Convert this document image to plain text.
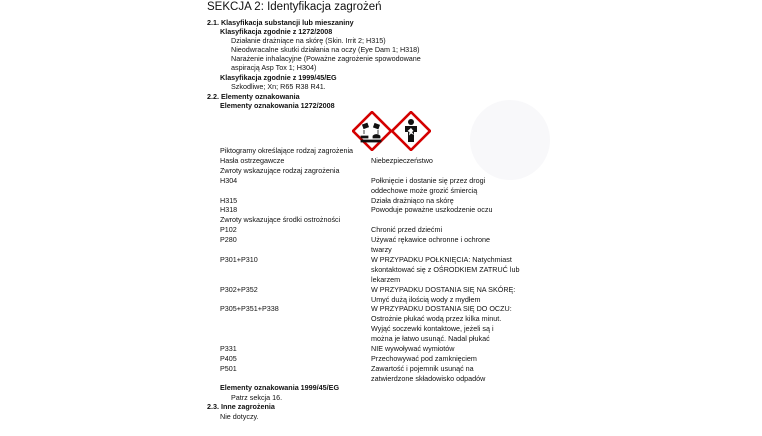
SEKCJA 2: Identyfikacja zagrożeń
2.1. Klasyfikacja substancji lub mieszaniny
Klasyfikacja zgodnie z 1272/2008
Działanie drażniące na skórę (Skin. Irrit 2; H315)
Nieodwracalne skutki działania na oczy (Eye Dam 1; H318)
Narażenie inhalacyjne (Poważne zagrożenie spowodowane
aspiracją Asp Tox 1; H304)
Klasyfikacja zgodnie z 1999/45/EG
Szkodliwe; Xn; R65 R38 R41.
2.2. Elementy oznakowania
Elementy oznakowania 1272/2008
Piktogramy określające rodzaj zagrożenia
Hasła ostrzegawcze	Niebezpieczeństwo
Zwroty wskazujące rodzaj zagrożenia
H304	Połknięcie i dostanie się przez drogi
oddechowe może grozić śmiercią
H315	Działa drażniąco na skórę
H318	Powoduje poważne uszkodzenie oczu
Zwroty wskazujące środki ostrożności
P102	Chronić przed dziećmi
P280	Używać rękawice ochronne i ochrone
twarzy
P301+P310	W PRZYPADKU POŁKNIĘCIA: Natychmiast
skontaktować się z OŚRODKIEM ZATRUĆ lub
lekarzem
P302+P352	W PRZYPADKU DOSTANIA SIĘ NA SKÓRĘ:
Umyć dużą ilością wody z mydłem
P305+P351+P338	W PRZYPADKU DOSTANIA SIĘ DO OCZU:
Ostrożnie płukać wodą przez kilka minut.
Wyjąć soczewki kontaktowe, jeżeli są i
można je łatwo usunąć. Nadal płukać
P331	NIE wywoływać wymiotów
P405	Przechowywać pod zamknięciem
P501	Zawartość i pojemnik usunąć na
zatwierdzone składowisko odpadów
Elementy oznakowania 1999/45/EG
Patrz sekcja 16.
2.3. Inne zagrożenia
Nie dotyczy.
